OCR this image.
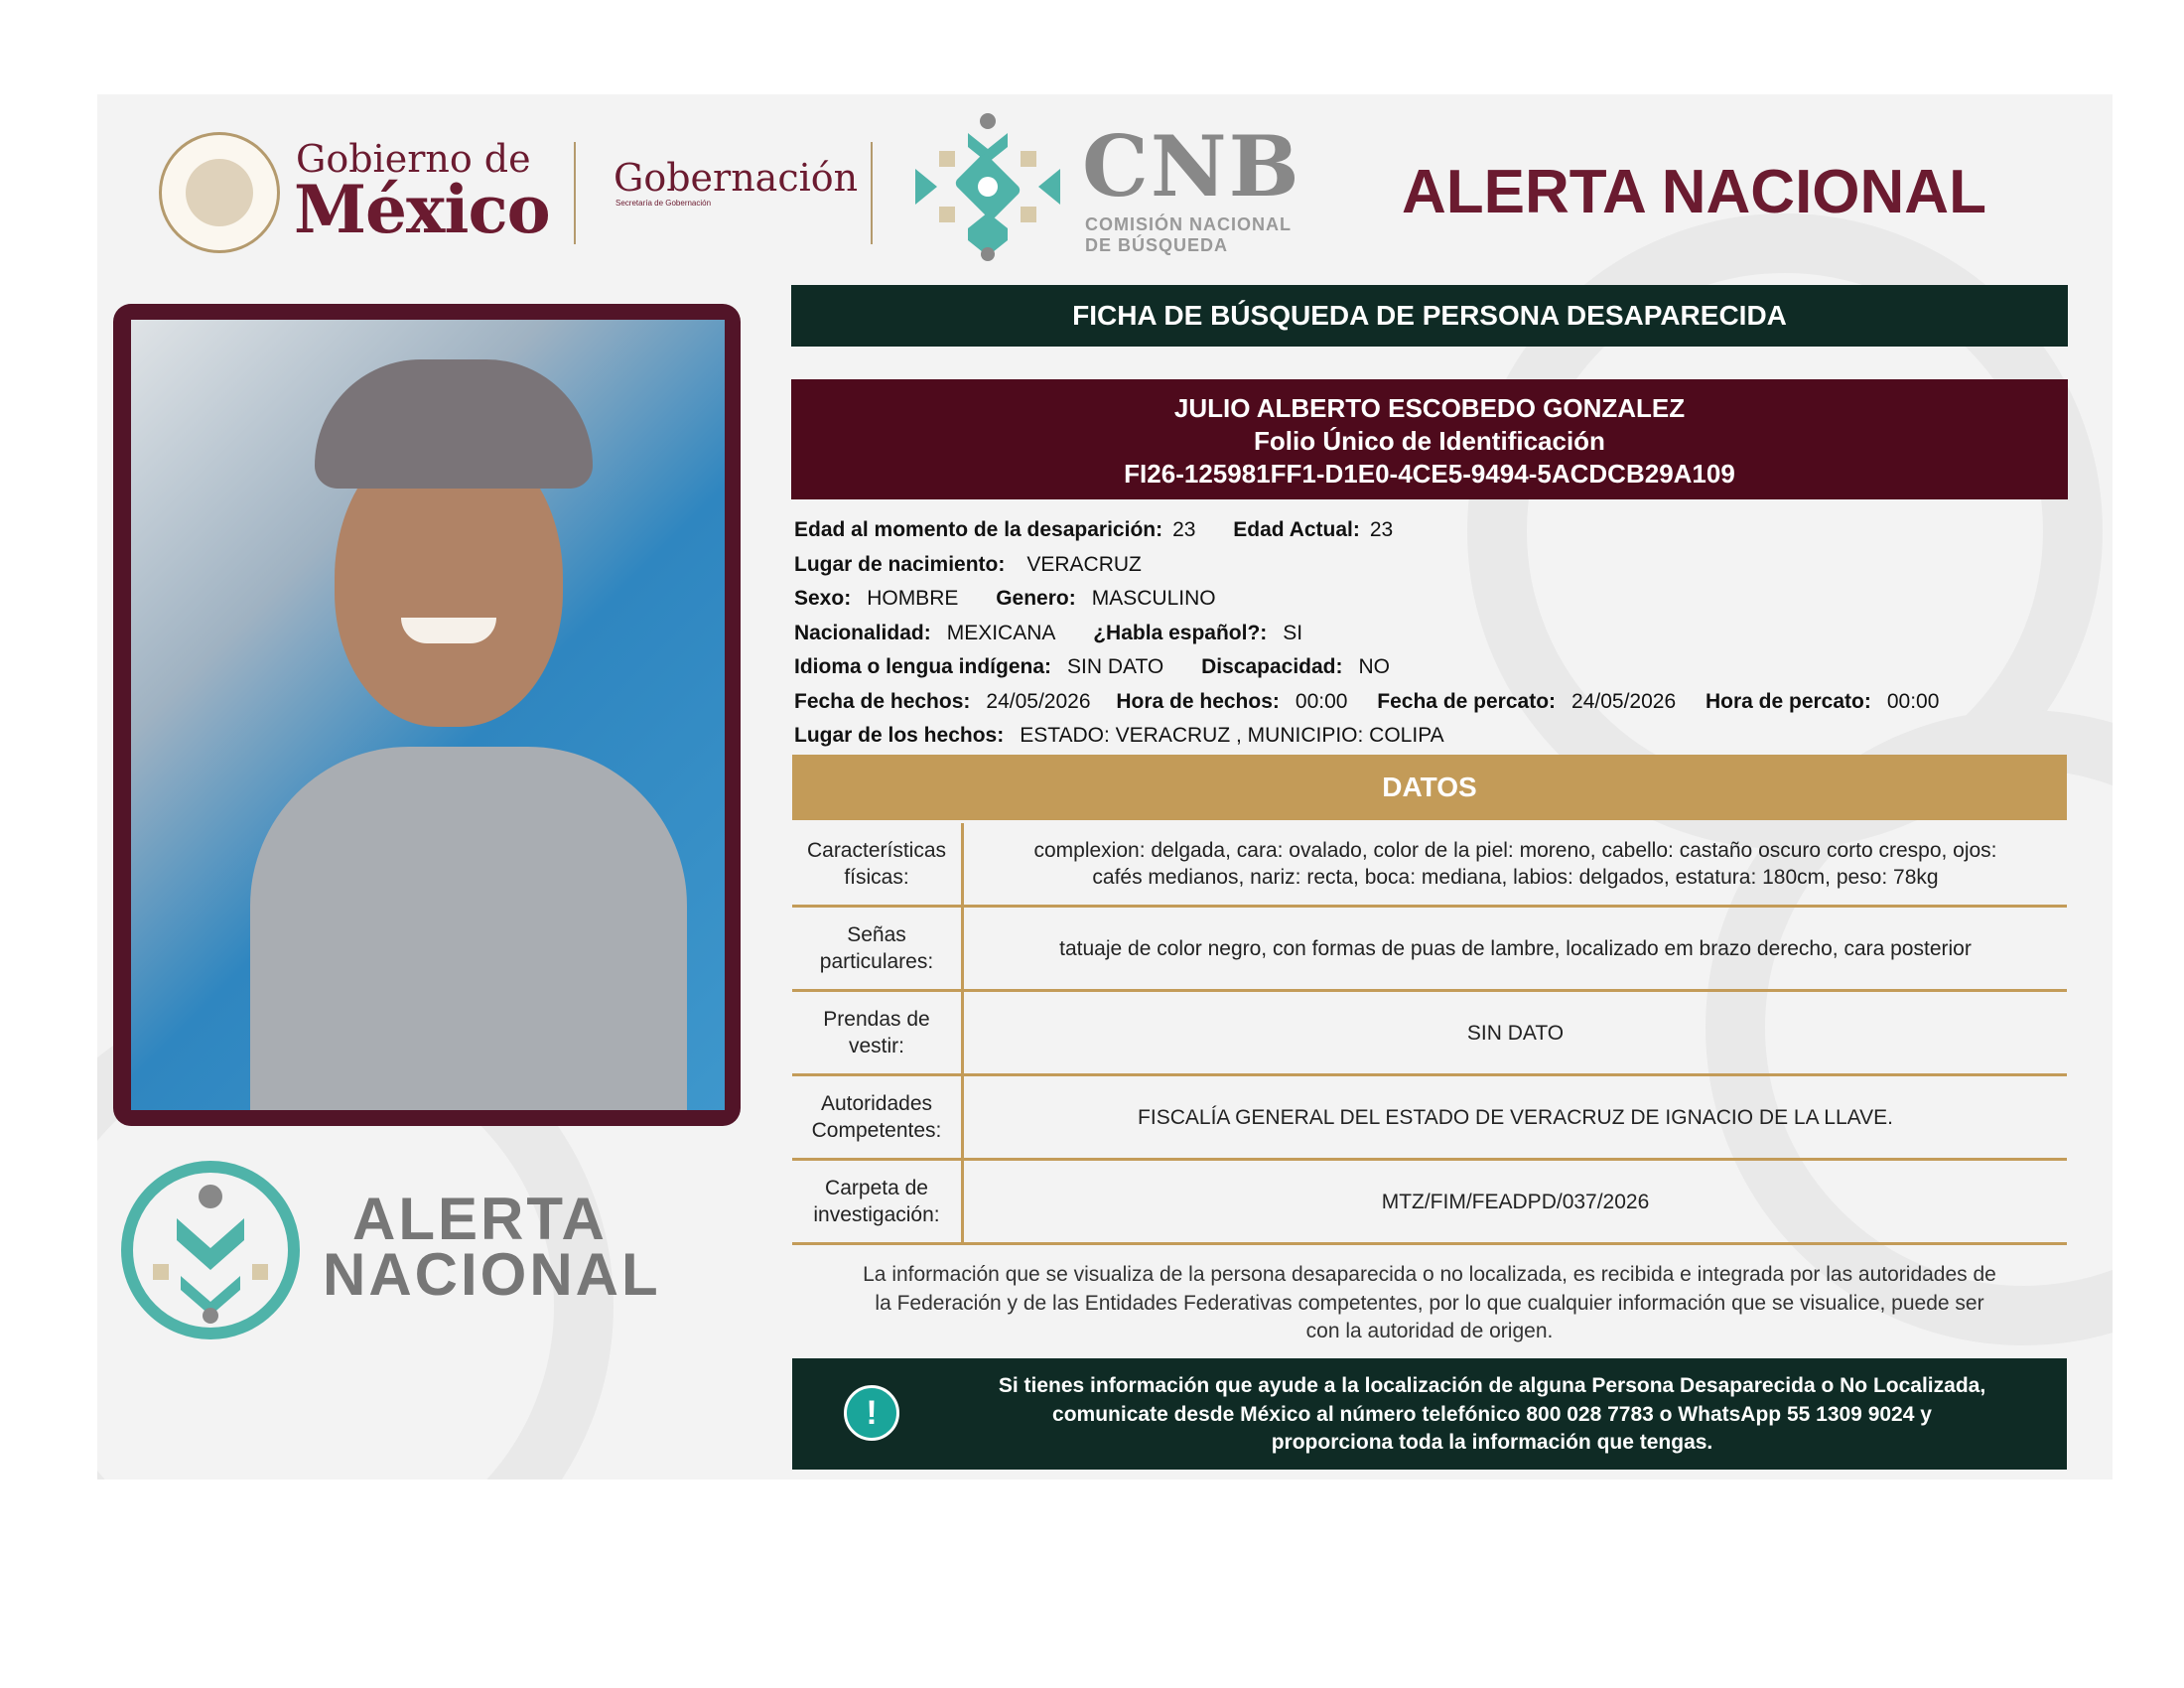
Gobierno de
México Gobernación
Secretaría de Gobernación	CNB
COMISIÓN NACIONAL
DE BÚSQUEDA
ALERTA NACIONAL
ALERTA
NACIONAL
FICHA DE BÚSQUEDA DE PERSONA DESAPARECIDA
JULIO ALBERTO ESCOBEDO GONZALEZ
Folio Único de Identificación
FI26-125981FF1-D1E0-4CE5-9494-5ACDCB29A109
Edad al momento de la desaparición: 23 Edad Actual: 23
Lugar de nacimiento: VERACRUZ
Sexo: HOMBRE Genero: MASCULINO
Nacionalidad: MEXICANA ¿Habla español?: SI
Idioma o lengua indígena: SIN DATO Discapacidad: NO
Fecha de hechos: 24/05/2026 Hora de hechos: 00:00 Fecha de percato: 24/05/2026 Hora de percato: 00:00
Lugar de los hechos: ESTADO: VERACRUZ , MUNICIPIO: COLIPA
DATOS
Características
físicas:
complexion: delgada, cara: ovalado, color de la piel: moreno, cabello: castaño oscuro corto crespo, ojos:
cafés medianos, nariz: recta, boca: mediana, labios: delgados, estatura: 180cm, peso: 78kg
Señas
particulares:
tatuaje de color negro, con formas de puas de lambre, localizado em brazo derecho, cara posterior
Prendas de
vestir:
SIN DATO
Autoridades
Competentes:
FISCALÍA GENERAL DEL ESTADO DE VERACRUZ DE IGNACIO DE LA LLAVE.
Carpeta de
investigación:
MTZ/FIM/FEADPD/037/2026
La información que se visualiza de la persona desaparecida o no localizada, es recibida e integrada por las autoridades de
la Federación y de las Entidades Federativas competentes, por lo que cualquier información que se visualice, puede ser
con la autoridad de origen.
!
Si tienes información que ayude a la localización de alguna Persona Desaparecida o No Localizada,
comunicate desde México al número telefónico 800 028 7783 o WhatsApp 55 1309 9024 y
proporciona toda la información que tengas.
